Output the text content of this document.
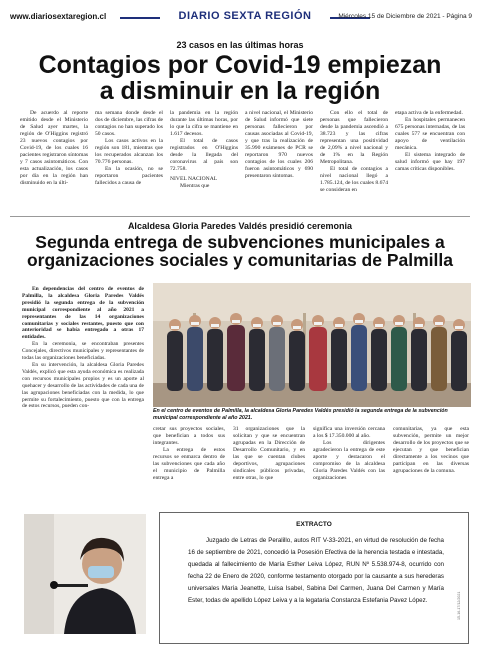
www.diariosextaregion.cl	DIARIO SEXTA REGIÓN	Miércoles 15 de Diciembre de 2021 - Página 9
23 casos en las últimas horas
Contagios por Covid-19 empiezan
a disminuir en la región

De acuerdo al reporte emitido desde el Ministerio de Salud ayer martes, la región de O'Higgins registró 23 nuevos contagios por Covid-19, de los cuales 16 pacientes registraron síntomas y 7 casos asintomáticos. Con esta actualización, los casos por día en la región han disminuido en la últi-

ma semana donde desde el dos de diciembre, las cifras de contagios no han superado los 50 casos.

Los casos activos en la región son 181, mientras que los recuperados alcanzan los 70.776 personas.

En la ocasión, no se reportaron pacientes fallecidos a causa de

la pandemia en la región durante las últimas horas, por lo que la cifra se mantiene en 1.617 decesos.

El total de casos registrados en O'Higgins desde la llegada del coronavirus al país son 72.758.

NIVEL NACIONAL

Mientras que

a nivel nacional, el Ministerio de Salud informó que siete personas fallecieron por causas asociadas al Covid-19, y que tras la realización de 35.990 exámenes de PCR se reportaron 970 nuevos contagios de los cuales 206 fueron asintomáticos y 690 presentaron síntomas.

Con ello el total de personas que fallecieron desde la pandemia ascendió a 38.723 y las cifras representan una positividad de 2,09% a nivel nacional y de 1% en la Región Metropolitana.

El total de contagios a nivel nacional llegó a 1.785.124, de los cuales 8.674 se consideran en

etapa activa de la enfermedad.

En hospitales permanecen 675 personas internadas, de las cuales 577 se encuentran con apoyo de ventilación mecánica.

El sistema integrado de salud informó que hay 197 camas críticas disponibles.

Alcaldesa Gloria Paredes Valdés presidió ceremonia
Segunda entrega de subvenciones municipales a
organizaciones sociales y comunitarias de Palmilla

En dependencias del centro de eventos de Palmilla, la alcaldesa Gloria Paredes Valdés presidió la segunda entrega de la subvención municipal correspondiente al año 2021 a representantes de las 14 organizaciones comunitarias y sociales restantes, puesto que con anterioridad se había entregado a otras 17 entidades.

En la ceremonia, se encontraban presentes Concejales, directivos municipales y representantes de todas las organizaciones beneficiadas.

En su intervención, la alcaldesa Gloria Paredes Valdés, explicó que esta ayuda económica es realizada con recursos municipales propios y es un aporte al quehacer y desarrollo de las actividades de cada una de las agrupaciones beneficiadas con la medida, lo que permite su fortalecimiento, puesto que con la entrega de estos recursos, pueden con-

En el centro de eventos de Palmilla, la alcaldesa Gloria Paredes Valdés presidió la segunda entrega de la subvención municipal correspondiente al año 2021.

cretar sus proyectos sociales, que benefician a todos sus integrantes.

La entrega de estos recursos se enmarca dentro de las subvenciones que cada año el municipio de Palmilla entrega a

31 organizaciones que la solicitan y que se encuentran agrupadas en la Dirección de Desarrollo Comunitario, y en las que se cuentan clubes deportivos, agrupaciones sindicales públicos privadas, entre otras, lo que

significa una inversión cercana a los $ 17.350.000 al año.

Los dirigentes agradecieron la entrega de este aporte y destacaron el compromiso de la alcaldesa Gloria Paredes Valdés con las organizaciones

comunitarias, ya que esta subvención, permite un mejor desarrollo de los proyectos que se ejecutan y que benefician directamente a los vecinos que participan en las diversas agrupaciones de la comuna.

EXTRACTO

Juzgado de Letras de Peralillo, autos RIT V-33-2021, en virtud de resolución de fecha 16 de septiembre de 2021, concedió la Posesión Efectiva de la herencia testada e intestada, quedada al fallecimiento de María Esther Leiva López, RUN Nº 5.538.974-8, ocurrido con fecha 22 de Enero de 2020, conforme testamento otorgado por la causante a sus herederas universales María Jeanette, Luisa Isabel, Sabina Del Carmen, Juana Del Carmen y María Ester, todas de apellido López Leiva y a la legataria Constanza Estefania Pavez López.	15-16-17/12/2021
